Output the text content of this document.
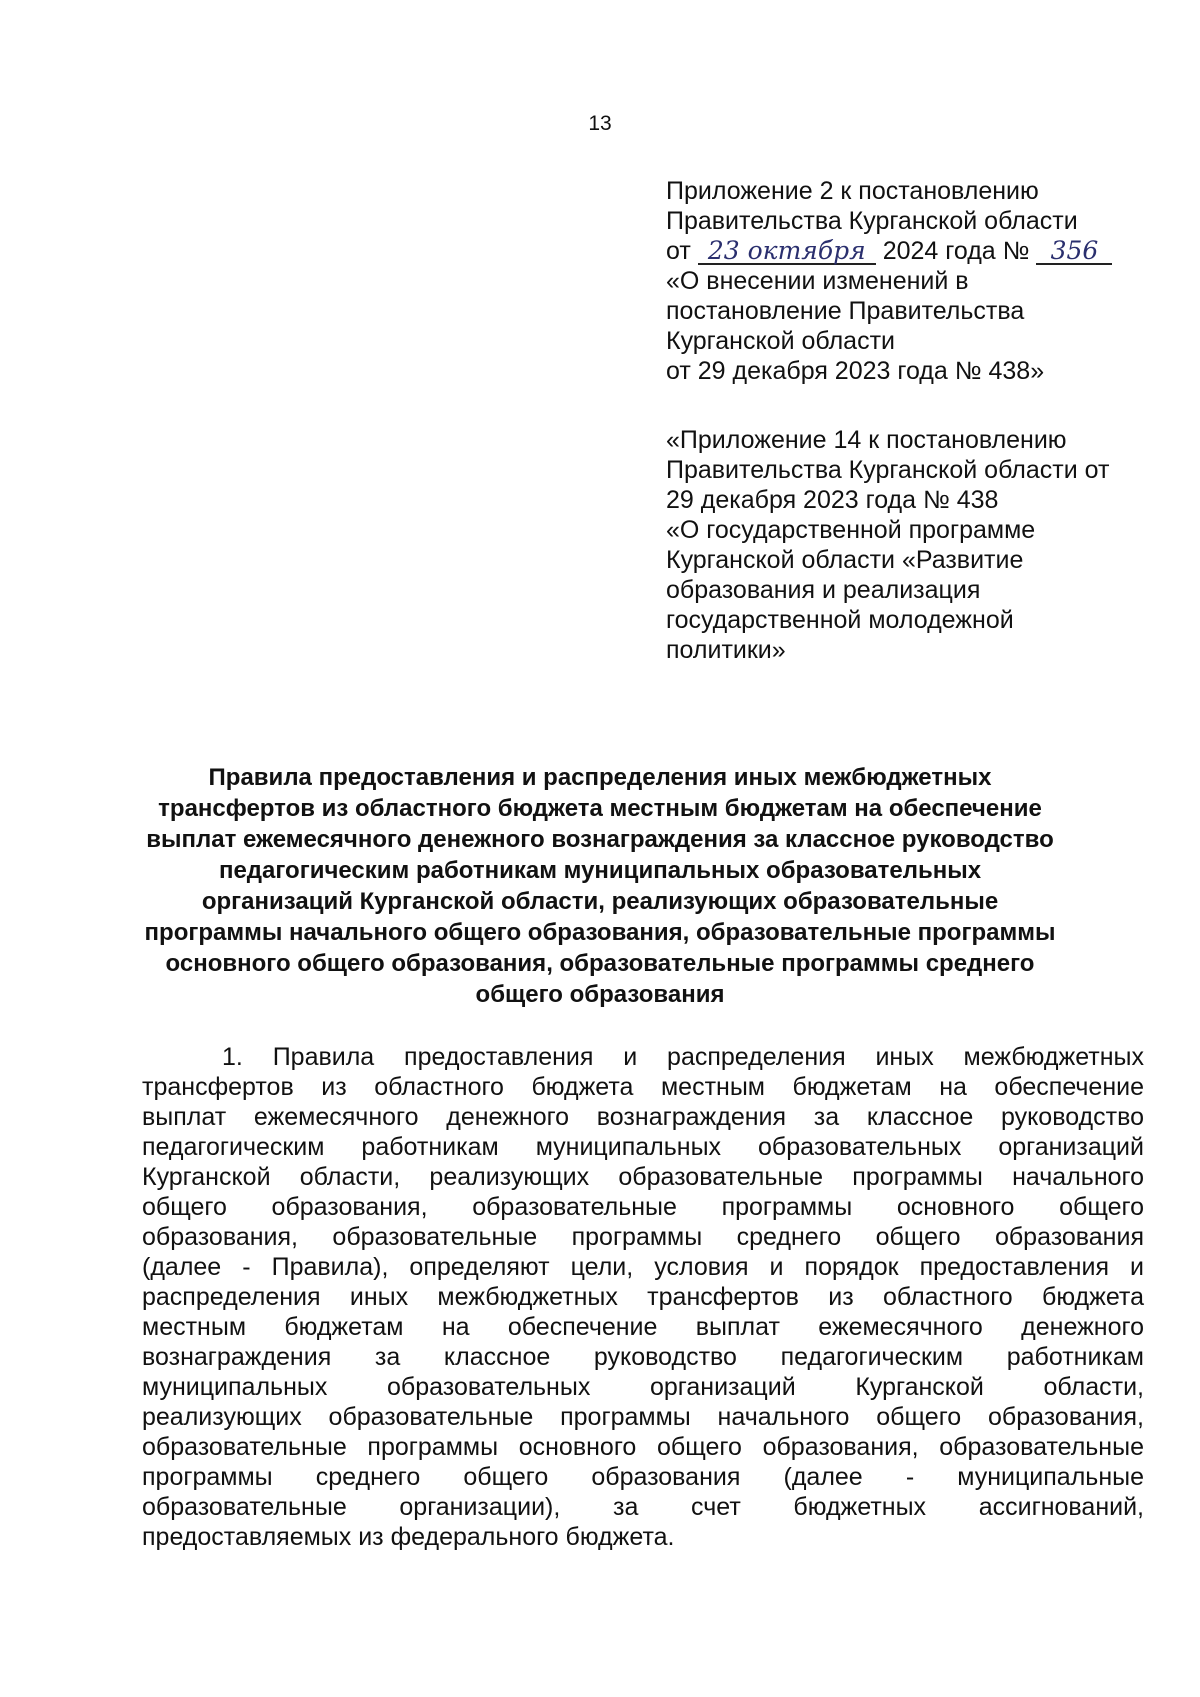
13
Приложение 2 к постановлению
Правительства Курганской области
от 23 октября 2024 года № 356
«О внесении изменений в
постановление Правительства
Курганской области
от 29 декабря 2023 года № 438»
«Приложение 14 к постановлению
Правительства Курганской области от
29 декабря 2023 года № 438
«О государственной программе
Курганской области «Развитие
образования и реализация
государственной молодежной
политики»
Правила предоставления и распределения иных межбюджетных
трансфертов из областного бюджета местным бюджетам на обеспечение
выплат ежемесячного денежного вознаграждения за классное руководство
педагогическим работникам муниципальных образовательных
организаций Курганской области, реализующих образовательные
программы начального общего образования, образовательные программы
основного общего образования, образовательные программы среднего
общего образования
1. Правила предоставления и распределения иных межбюджетных
трансфертов из областного бюджета местным бюджетам на обеспечение
выплат ежемесячного денежного вознаграждения за классное руководство
педагогическим работникам муниципальных образовательных организаций
Курганской области, реализующих образовательные программы начального
общего образования, образовательные программы основного общего
образования, образовательные программы среднего общего образования
(далее - Правила), определяют цели, условия и порядок предоставления и
распределения иных межбюджетных трансфертов из областного бюджета
местным бюджетам на обеспечение выплат ежемесячного денежного
вознаграждения за классное руководство педагогическим работникам
муниципальных образовательных организаций Курганской области,
реализующих образовательные программы начального общего образования,
образовательные программы основного общего образования, образовательные
программы среднего общего образования (далее - муниципальные
образовательные организации), за счет бюджетных ассигнований,
предоставляемых из федерального бюджета.
